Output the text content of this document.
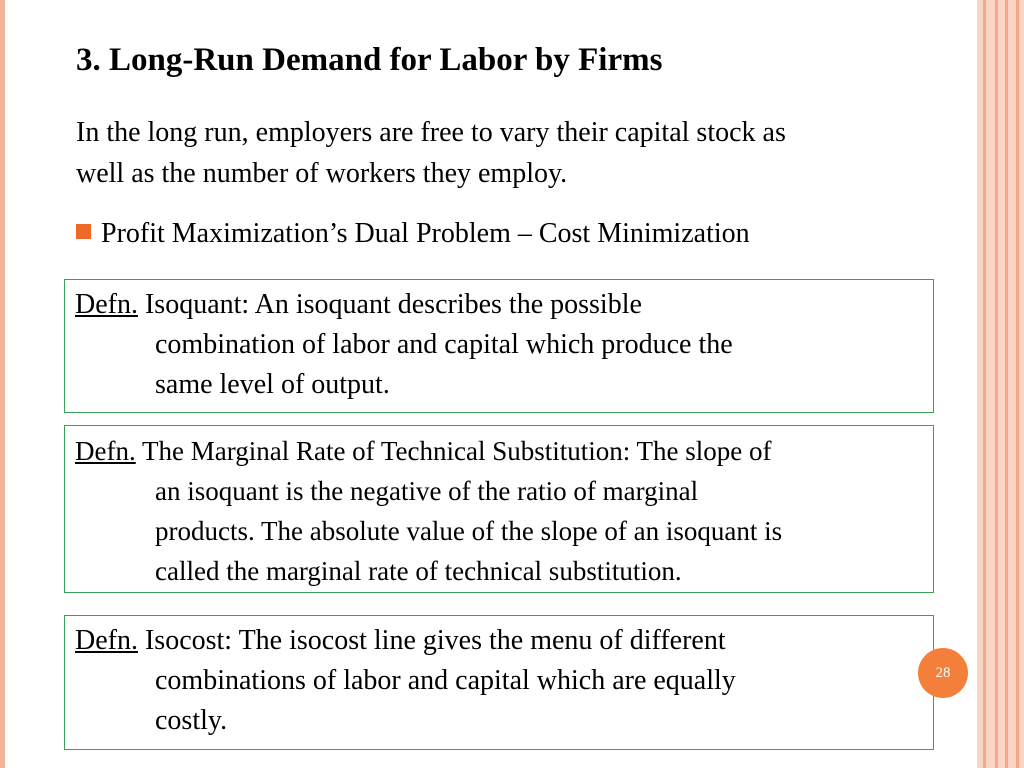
3. Long-Run Demand for Labor by Firms
In the long run, employers are free to vary their capital stock as
well as the number of workers they employ.
Profit Maximization’s Dual Problem – Cost Minimization
Defn. Isoquant: An isoquant describes the possible
combination of labor and capital which produce the
same level of output.
Defn. The Marginal Rate of Technical Substitution: The slope of
an isoquant is the negative of the ratio of marginal
products. The absolute value of the slope of an isoquant is
called the marginal rate of technical substitution.
Defn. Isocost: The isocost line gives the menu of different
combinations of labor and capital which are equally
costly.
28
